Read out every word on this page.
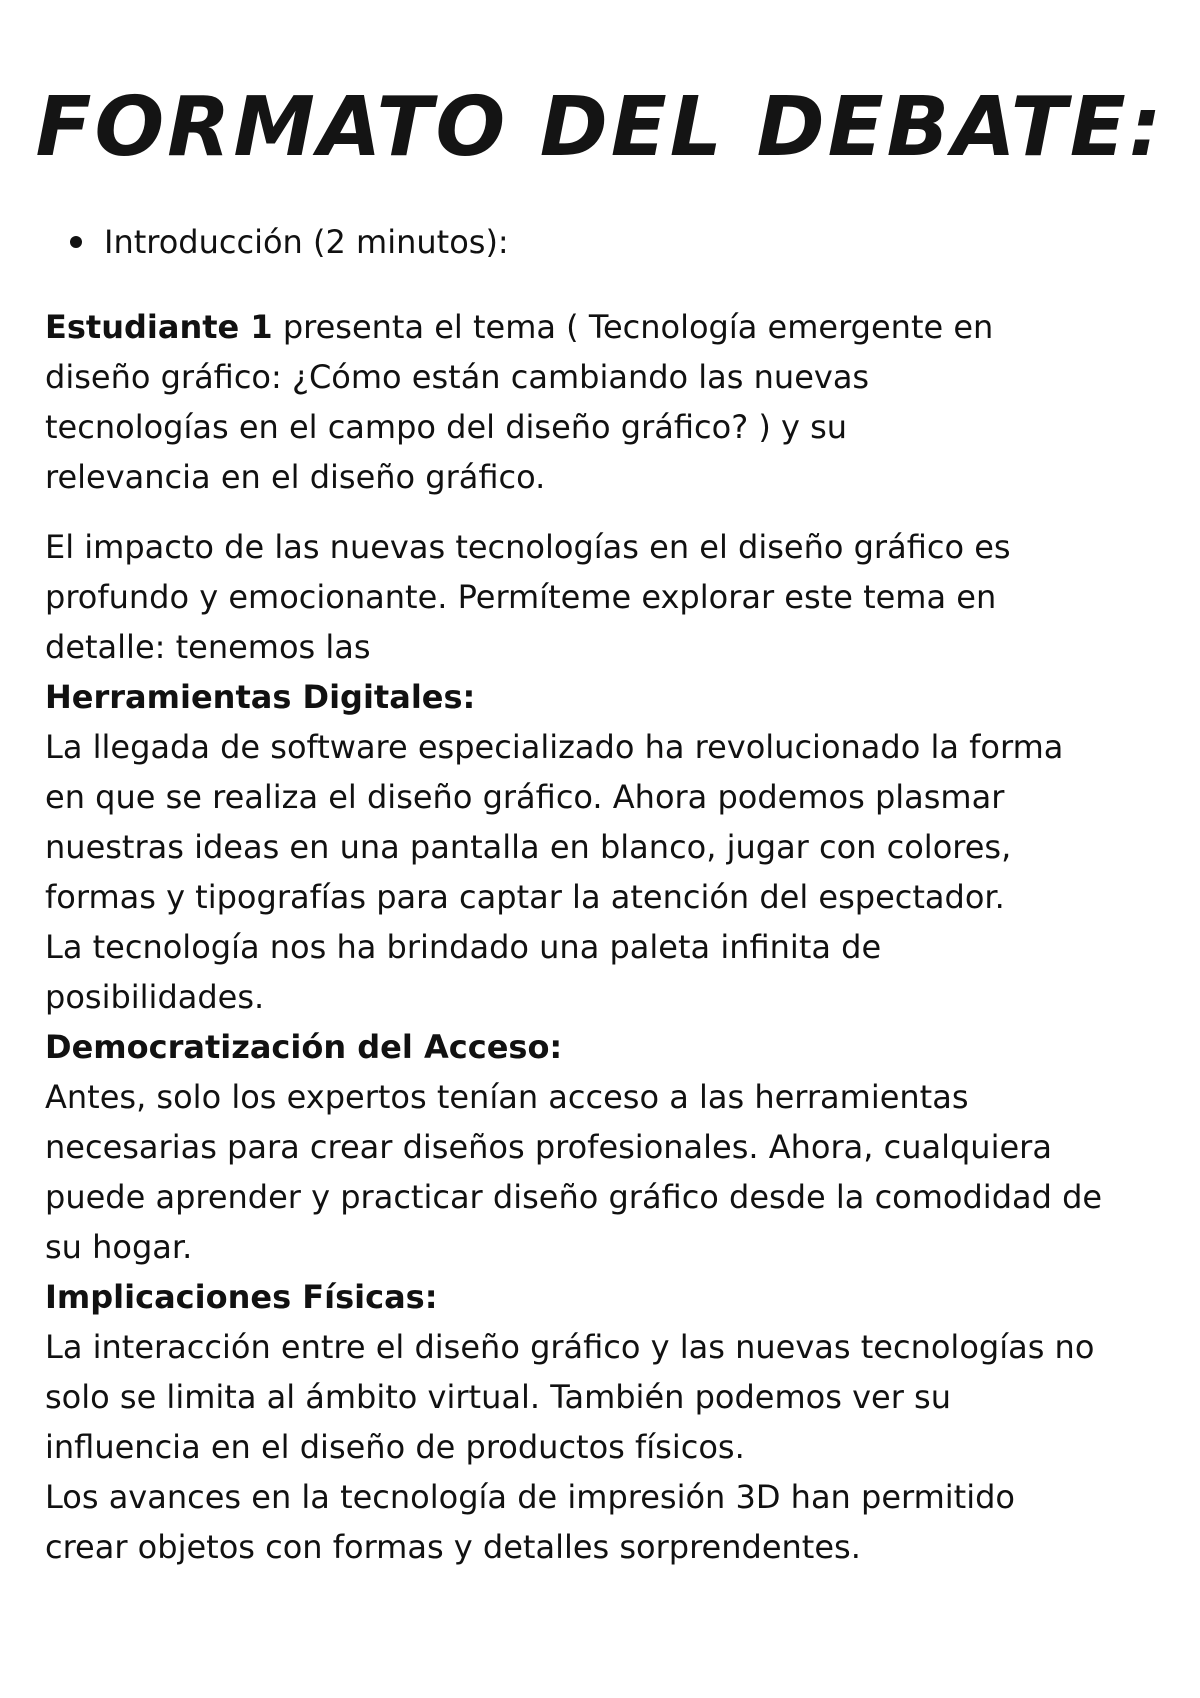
FORMATO DEL DEBATE:
Introducción (2 minutos):

Estudiante 1 presenta el tema ( Tecnología emergente en
diseño gráfico: ¿Cómo están cambiando las nuevas
tecnologías en el campo del diseño gráfico? ) y su
relevancia en el diseño gráfico.

El impacto de las nuevas tecnologías en el diseño gráfico es
profundo y emocionante. Permíteme explorar este tema en
detalle: tenemos las
Herramientas Digitales:
La llegada de software especializado ha revolucionado la forma
en que se realiza el diseño gráfico. Ahora podemos plasmar
nuestras ideas en una pantalla en blanco, jugar con colores,
formas y tipografías para captar la atención del espectador.
La tecnología nos ha brindado una paleta infinita de
posibilidades.
Democratización del Acceso:
Antes, solo los expertos tenían acceso a las herramientas
necesarias para crear diseños profesionales. Ahora, cualquiera
puede aprender y practicar diseño gráfico desde la comodidad de
su hogar.
Implicaciones Físicas:
La interacción entre el diseño gráfico y las nuevas tecnologías no
solo se limita al ámbito virtual. También podemos ver su
influencia en el diseño de productos físicos.
Los avances en la tecnología de impresión 3D han permitido
crear objetos con formas y detalles sorprendentes.
